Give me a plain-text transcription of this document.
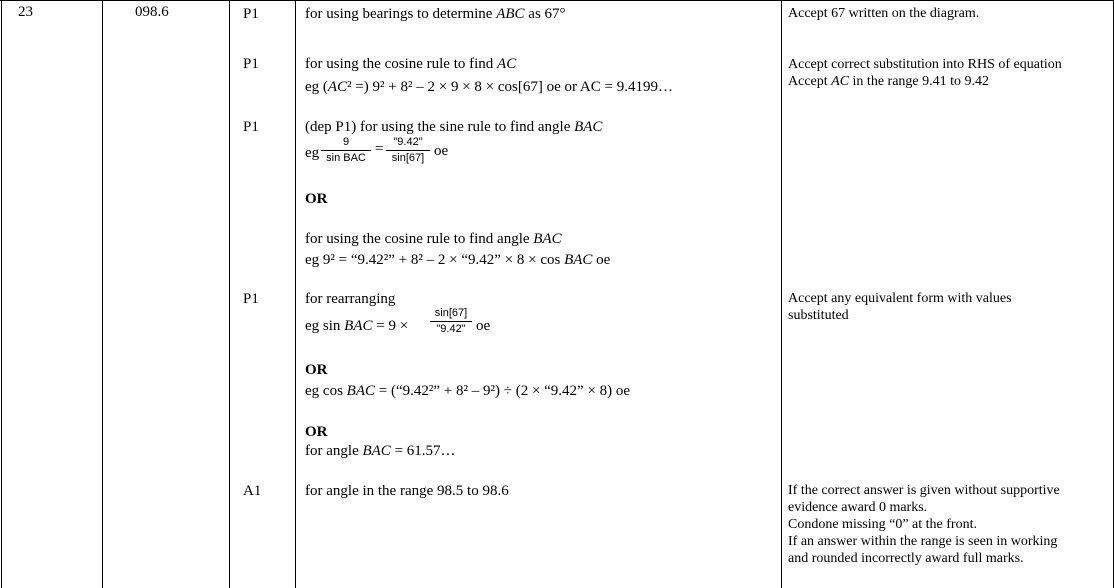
23	098.6	P1
P1
P1
P1
A1
for using bearings to determine ABC as 67°
for using the cosine rule to find AC
eg (AC² =) 9² + 8² – 2 × 9 × 8 × cos[67] oe or AC = 9.4199…
(dep P1) for using the sine rule to find angle BAC
eg
9
sin BAC
= "9.42"
sin[67] oe
OR
for using the cosine rule to find angle BAC
eg 9² = “9.42²” + 8² – 2 × “9.42” × 8 × cos BAC oe
for rearranging
eg sin BAC = 9 ×
sin[67]
"9.42" oe
OR
eg cos BAC = (“9.42²” + 8² – 9²) ÷ (2 × “9.42” × 8) oe
OR
for angle BAC = 61.57…
for angle in the range 98.5 to 98.6
Accept 67 written on the diagram.
Accept correct substitution into RHS of equation
Accept AC in the range 9.41 to 9.42
Accept any equivalent form with values
substituted
If the correct answer is given without supportive
evidence award 0 marks.
Condone missing “0” at the front.
If an answer within the range is seen in working
and rounded incorrectly award full marks.
